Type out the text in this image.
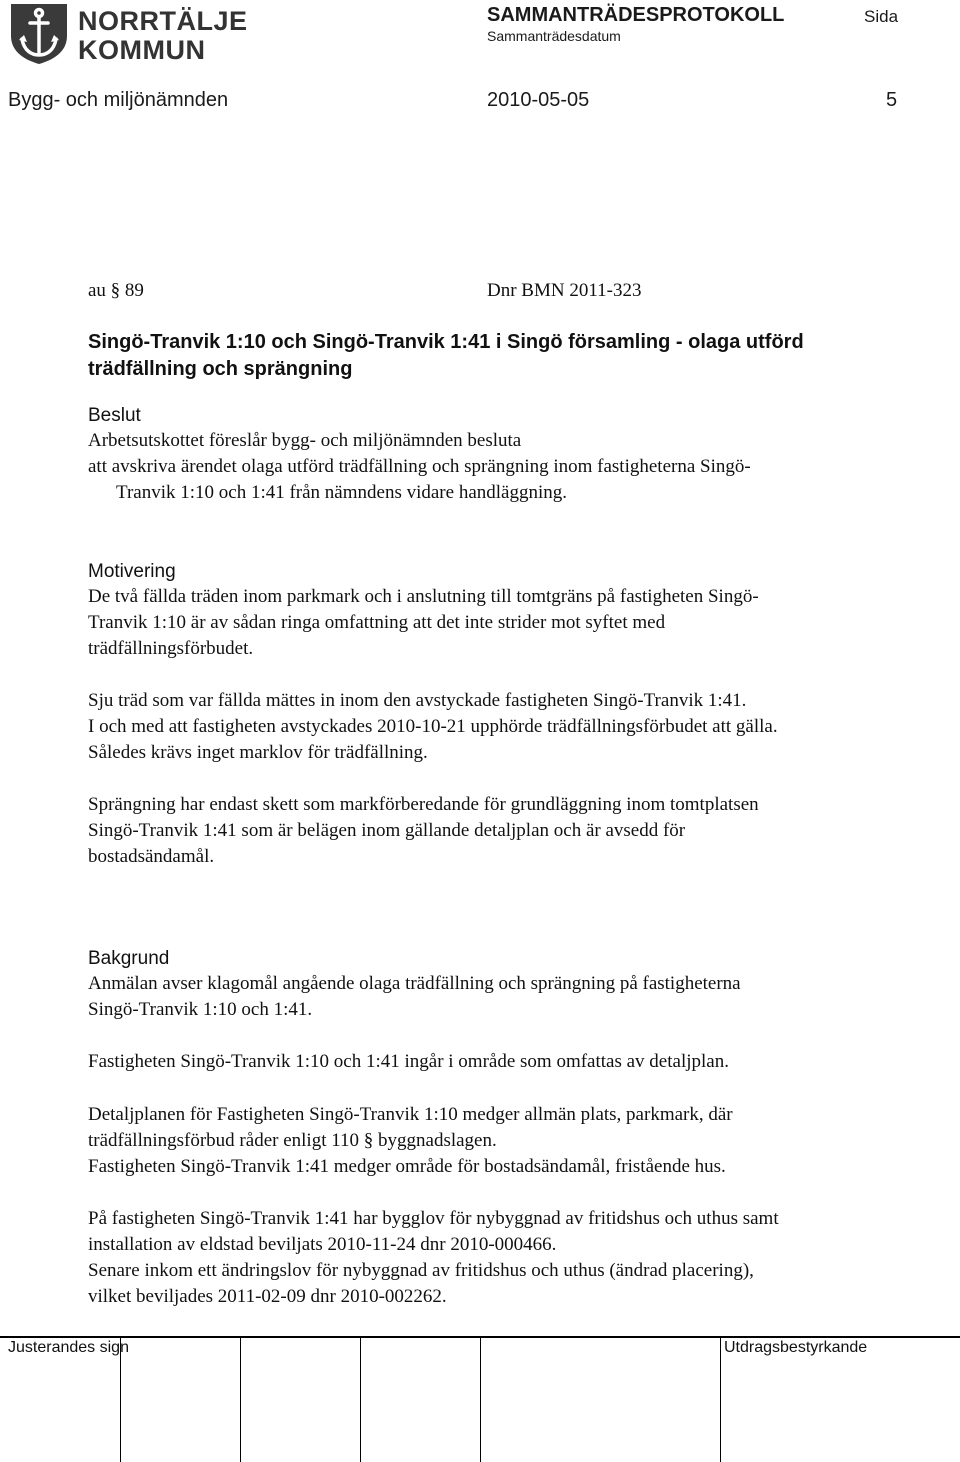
NORRTÄLJE
KOMMUN
SAMMANTRÄDESPROTOKOLL
Sammanträdesdatum
Sida
Bygg- och miljönämnden	2010-05-05	5
au § 89	Dnr BMN 2011-323
Singö-Tranvik 1:10 och Singö-Tranvik 1:41 i Singö församling - olaga utförd
trädfällning och sprängning
Beslut
Arbetsutskottet föreslår bygg- och miljönämnden besluta
att avskriva ärendet olaga utförd trädfällning och sprängning inom fastigheterna Singö-
Tranvik 1:10 och 1:41 från nämndens vidare handläggning.
Motivering
De två fällda träden inom parkmark och i anslutning till tomtgräns på fastigheten Singö-
Tranvik 1:10 är av sådan ringa omfattning att det inte strider mot syftet med
trädfällningsförbudet.
Sju träd som var fällda mättes in inom den avstyckade fastigheten Singö-Tranvik 1:41.
I och med att fastigheten avstyckades 2010-10-21 upphörde trädfällningsförbudet att gälla.
Således krävs inget marklov för trädfällning.
Sprängning har endast skett som markförberedande för grundläggning inom tomtplatsen
Singö-Tranvik 1:41 som är belägen inom gällande detaljplan och är avsedd för
bostadsändamål.
Bakgrund
Anmälan avser klagomål angående olaga trädfällning och sprängning på fastigheterna
Singö-Tranvik 1:10 och 1:41.
Fastigheten Singö-Tranvik 1:10 och 1:41 ingår i område som omfattas av detaljplan.
Detaljplanen för Fastigheten Singö-Tranvik 1:10 medger allmän plats, parkmark, där
trädfällningsförbud råder enligt 110 § byggnadslagen.
Fastigheten Singö-Tranvik 1:41 medger område för bostadsändamål, fristående hus.
På fastigheten Singö-Tranvik 1:41 har bygglov för nybyggnad av fritidshus och uthus samt
installation av eldstad beviljats 2010-11-24 dnr 2010-000466.
Senare inkom ett ändringslov för nybyggnad av fritidshus och uthus (ändrad placering),
vilket beviljades 2011-02-09 dnr 2010-002262.
Justerandes sign	Utdragsbestyrkande
